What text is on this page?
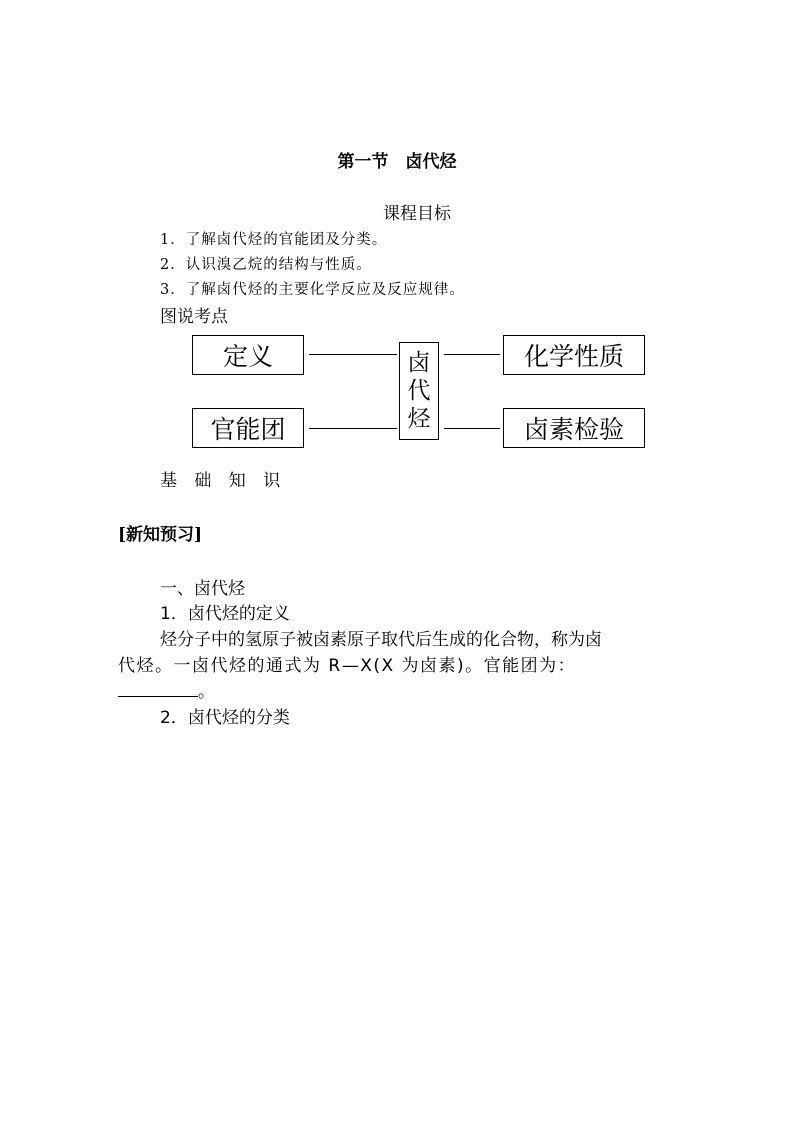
第一节　卤代烃
课程目标
1．了解卤代烃的官能团及分类。
2．认识溴乙烷的结构与性质。
3．了解卤代烃的主要化学反应及反应规律。
图说考点
定义
官能团
卤
代
烃
化学性质
卤素检验
基 础 知 识
[新知预习]
一、卤代烃
1．卤代烃的定义
烃分子中的氢原子被卤素原子取代后生成的化合物，称为卤
代烃。一卤代烃的通式为 R—X(X 为卤素)。官能团为：
。
2．卤代烃的分类
